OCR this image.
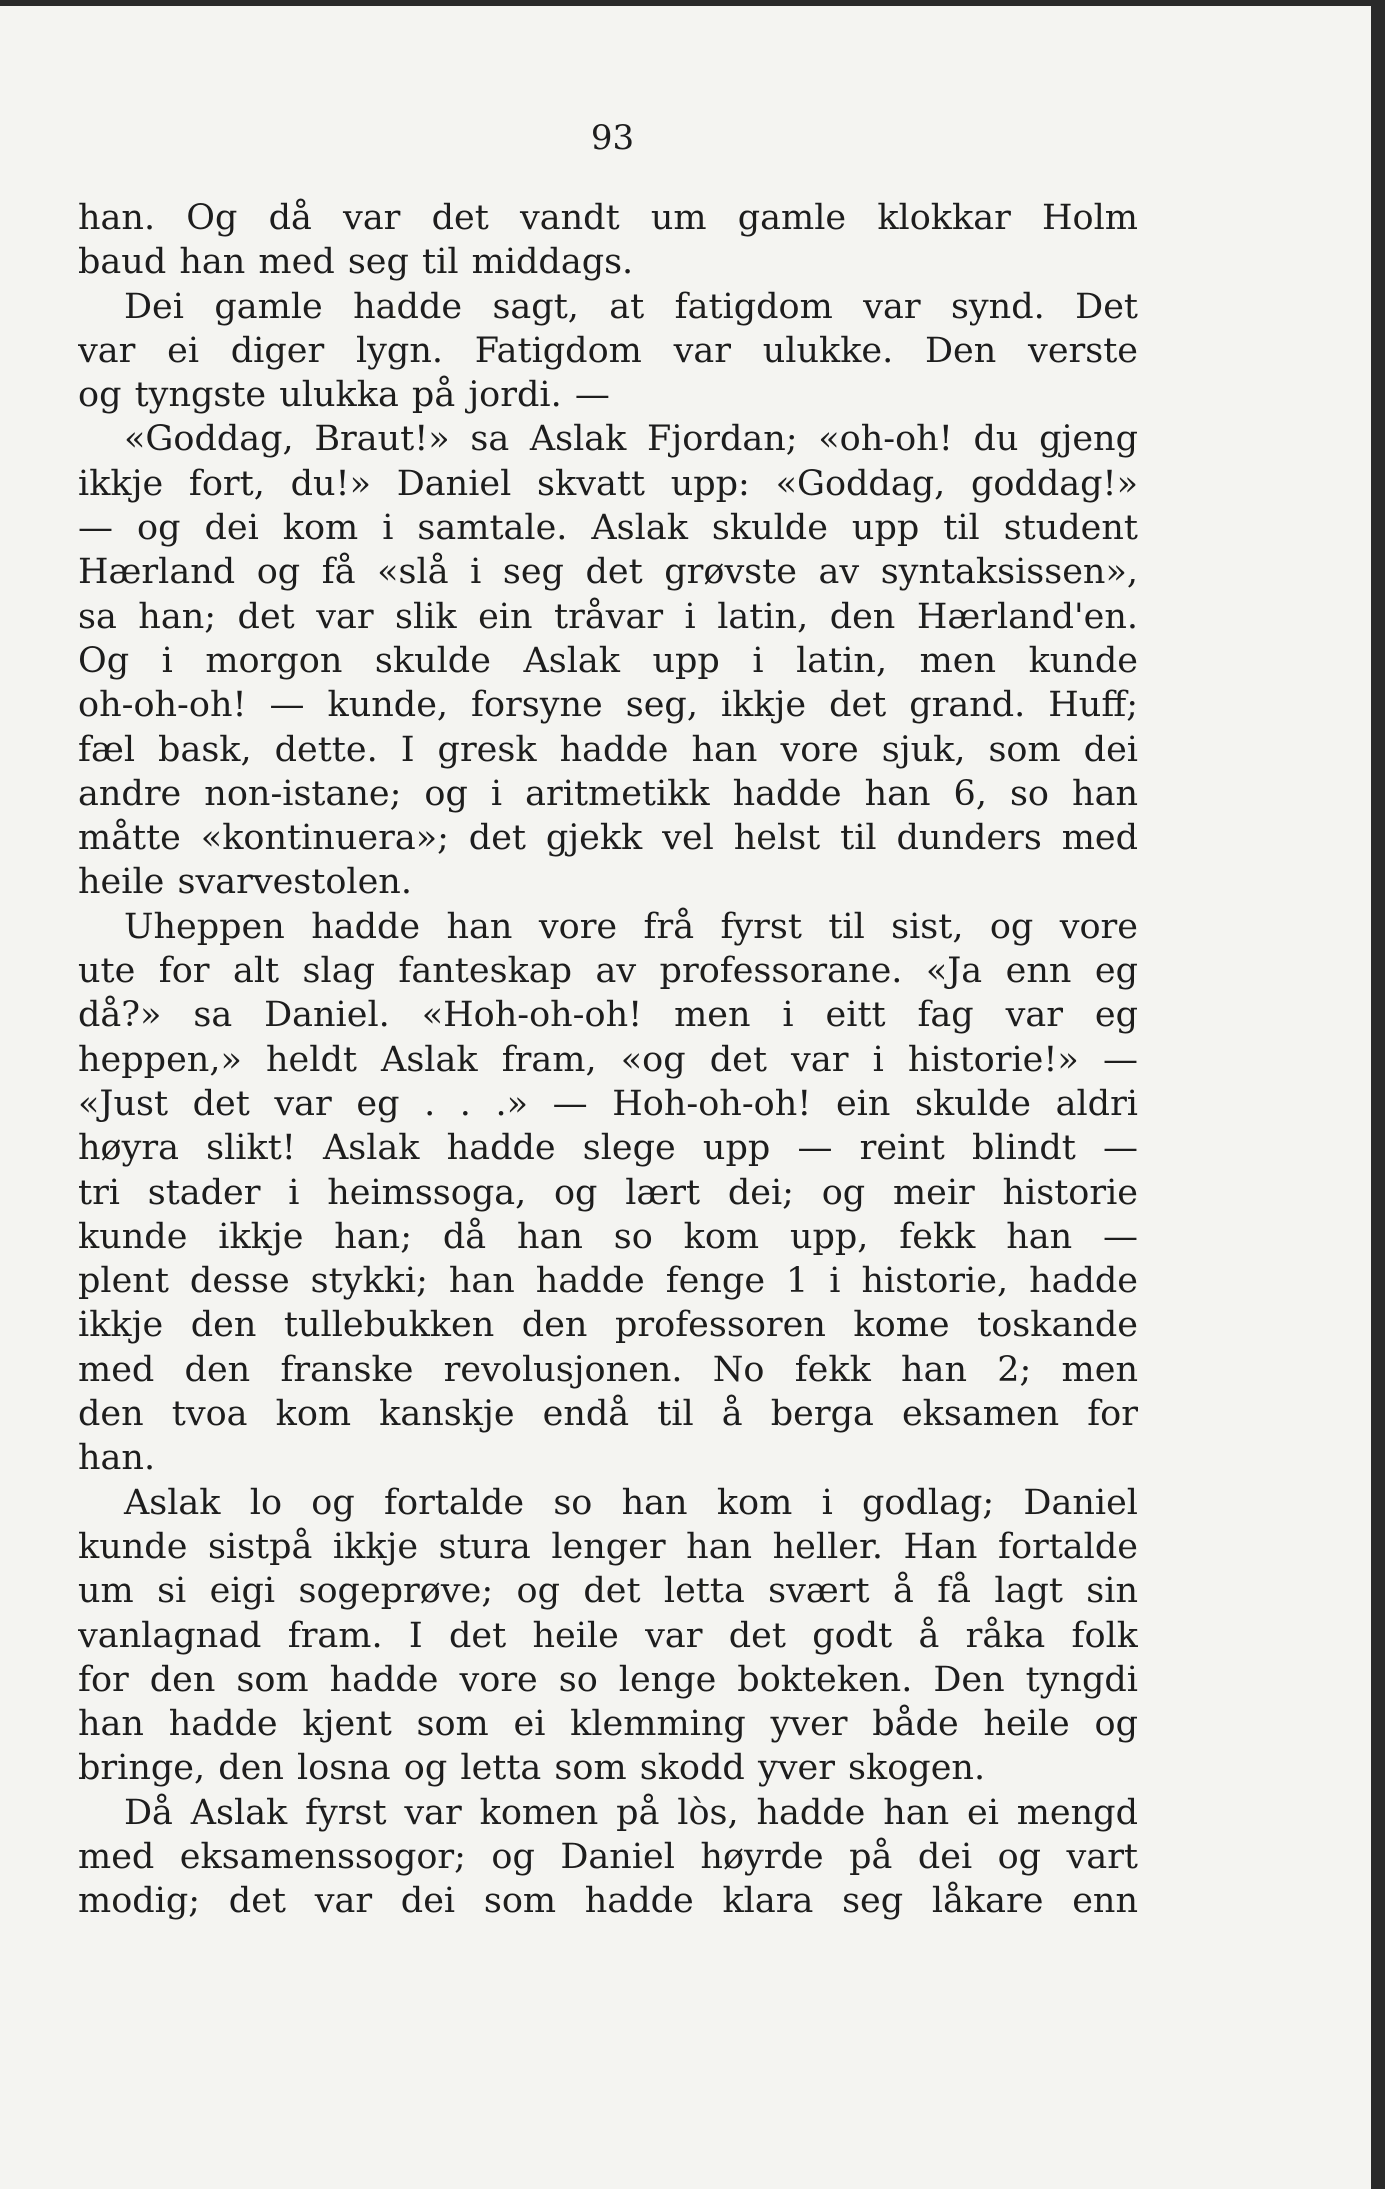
93
han. Og då var det vandt um gamle klokkar Holm
baud han med seg til middags.
Dei gamle hadde sagt, at fatigdom var synd. Det
var ei diger lygn. Fatigdom var ulukke. Den verste
og tyngste ulukka på jordi. —
«Goddag, Braut!» sa Aslak Fjordan; «oh-oh! du gjeng
ikkje fort, du!» Daniel skvatt upp: «Goddag, goddag!»
— og dei kom i samtale. Aslak skulde upp til student
Hærland og få «slå i seg det grøvste av syntaksissen»,
sa han; det var slik ein tråvar i latin, den Hærland'en.
Og i morgon skulde Aslak upp i latin, men kunde
oh-oh-oh! — kunde, forsyne seg, ikkje det grand. Huff;
fæl bask, dette. I gresk hadde han vore sjuk, som dei
andre non-istane; og i aritmetikk hadde han 6, so han
måtte «kontinuera»; det gjekk vel helst til dunders med
heile svarvestolen.
Uheppen hadde han vore frå fyrst til sist, og vore
ute for alt slag fanteskap av professorane. «Ja enn eg
då?» sa Daniel. «Hoh-oh-oh! men i eitt fag var eg
heppen,» heldt Aslak fram, «og det var i historie!» —
«Just det var eg . . .» — Hoh-oh-oh! ein skulde aldri
høyra slikt! Aslak hadde slege upp — reint blindt —
tri stader i heimssoga, og lært dei; og meir historie
kunde ikkje han; då han so kom upp, fekk han —
plent desse stykki; han hadde fenge 1 i historie, hadde
ikkje den tullebukken den professoren kome toskande
med den franske revolusjonen. No fekk han 2; men
den tvoa kom kanskje endå til å berga eksamen for
han.
Aslak lo og fortalde so han kom i godlag; Daniel
kunde sistpå ikkje stura lenger han heller. Han fortalde
um si eigi sogeprøve; og det letta svært å få lagt sin
vanlagnad fram. I det heile var det godt å råka folk
for den som hadde vore so lenge bokteken. Den tyngdi
han hadde kjent som ei klemming yver både heile og
bringe, den losna og letta som skodd yver skogen.
Då Aslak fyrst var komen på lòs, hadde han ei mengd
med eksamenssogor; og Daniel høyrde på dei og vart
modig; det var dei som hadde klara seg låkare enn
